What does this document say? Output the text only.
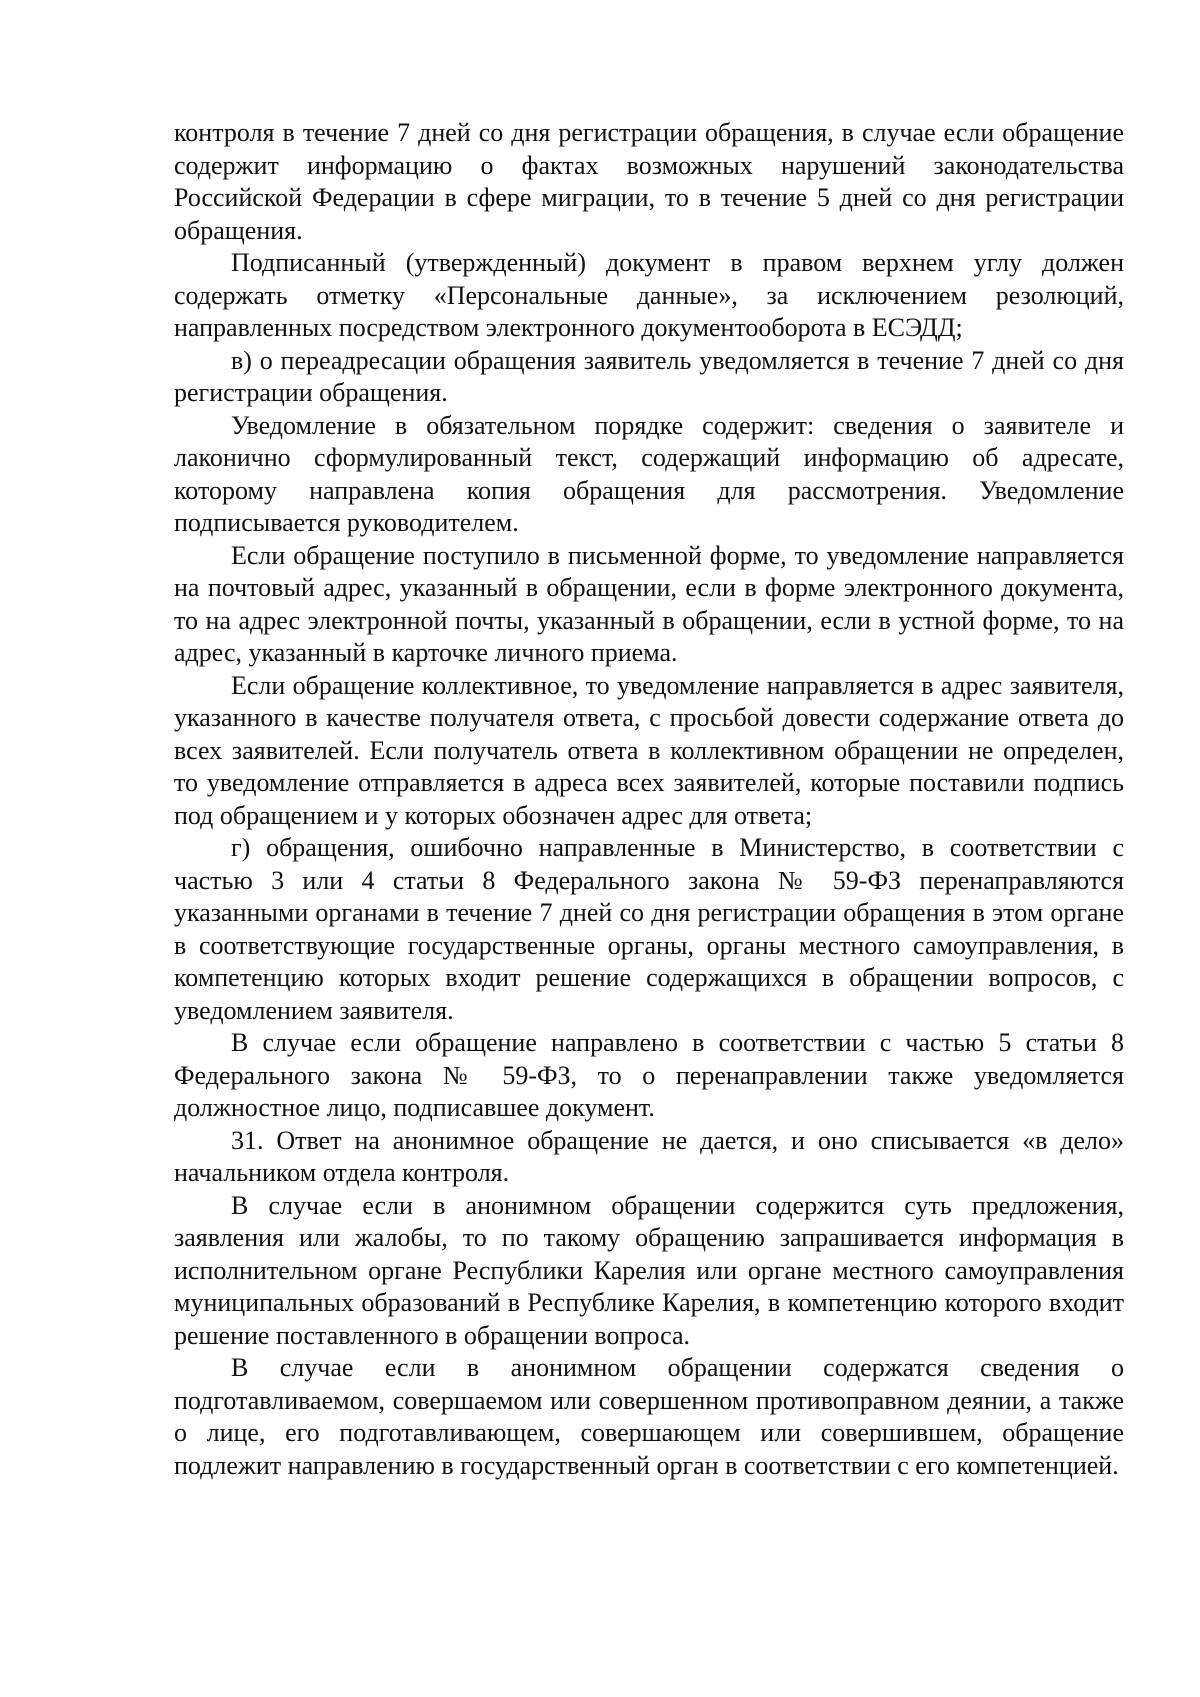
контроля в течение 7 дней со дня регистрации обращения, в случае если обращение содержит информацию о фактах возможных нарушений законодательства Российской Федерации в сфере миграции, то в течение 5 дней со дня регистрации обращения.

Подписанный (утвержденный) документ в правом верхнем углу должен содержать отметку «Персональные данные», за исключением резолюций, направленных посредством электронного документооборота в ЕСЭДД;

в) о переадресации обращения заявитель уведомляется в течение 7 дней со дня регистрации обращения.

Уведомление в обязательном порядке содержит: сведения о заявителе и лаконично сформулированный текст, содержащий информацию об адресате, которому направлена копия обращения для рассмотрения. Уведомление подписывается руководителем.

Если обращение поступило в письменной форме, то уведомление направляется на почтовый адрес, указанный в обращении, если в форме электронного документа, то на адрес электронной почты, указанный в обращении, если в устной форме, то на адрес, указанный в карточке личного приема.

Если обращение коллективное, то уведомление направляется в адрес заявителя, указанного в качестве получателя ответа, с просьбой довести содержание ответа до всех заявителей. Если получатель ответа в коллективном обращении не определен, то уведомление отправляется в адреса всех заявителей, которые поставили подпись под обращением и у которых обозначен адрес для ответа;

г) обращения, ошибочно направленные в Министерство, в соответствии с частью 3 или 4 статьи 8 Федерального закона № 59-ФЗ перенаправляются указанными органами в течение 7 дней со дня регистрации обращения в этом органе в соответствующие государственные органы, органы местного самоуправления, в компетенцию которых входит решение содержащихся в обращении вопросов, с уведомлением заявителя.

В случае если обращение направлено в соответствии с частью 5 статьи 8 Федерального закона № 59-ФЗ, то о перенаправлении также уведомляется должностное лицо, подписавшее документ.

31. Ответ на анонимное обращение не дается, и оно списывается «в дело» начальником отдела контроля.

В случае если в анонимном обращении содержится суть предложения, заявления или жалобы, то по такому обращению запрашивается информация в исполнительном органе Республики Карелия или органе местного самоуправления муниципальных образований в Республике Карелия, в компетенцию которого входит решение поставленного в обращении вопроса.

В случае если в анонимном обращении содержатся сведения о подготавливаемом, совершаемом или совершенном противоправном деянии, а также о лице, его подготавливающем, совершающем или совершившем, обращение подлежит направлению в государственный орган в соответствии с его компетенцией.
